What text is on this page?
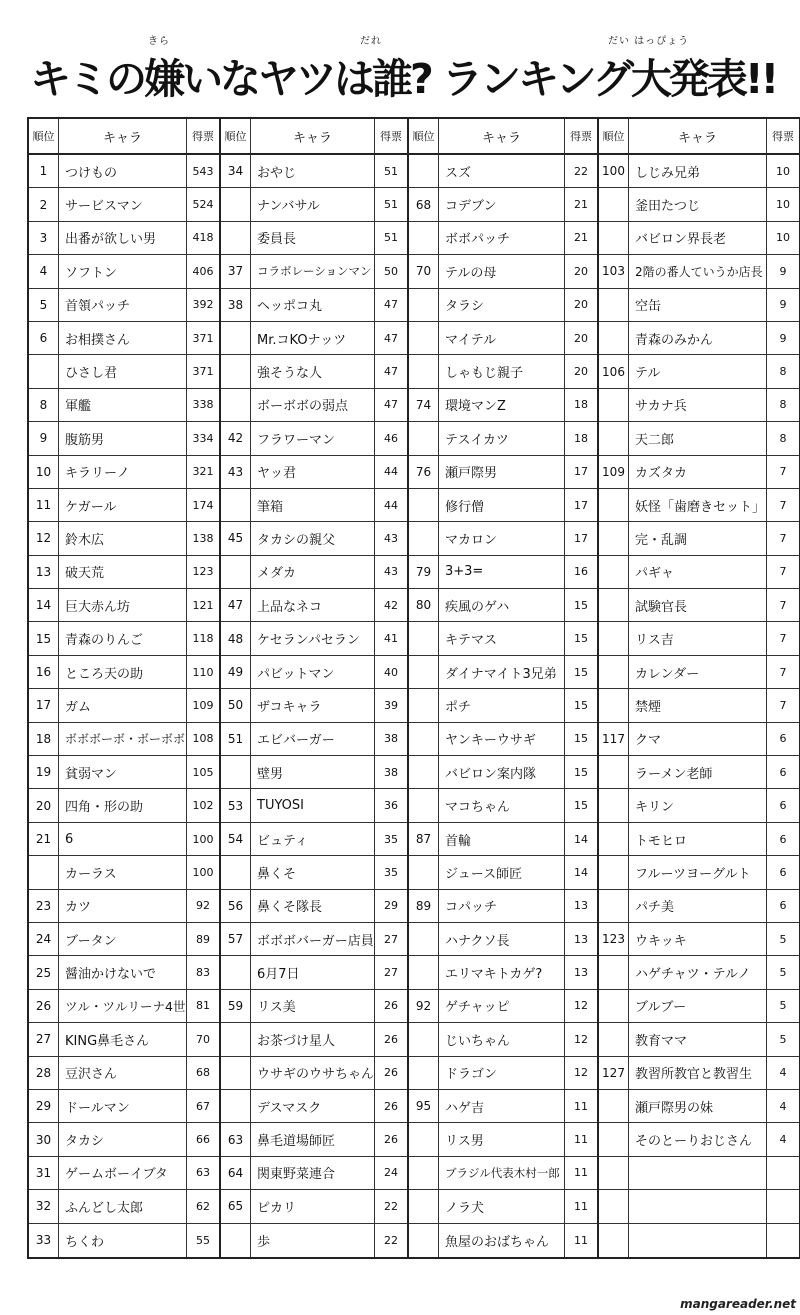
きら	だれ	だい はっぴょう
キミの嫌いなヤツは誰? ランキング大発表!!
順位	キャラ	得票
1	つけもの	543
2	サービスマン	524
3	出番が欲しい男	418
4	ソフトン	406
5	首領パッチ	392
6	お相撲さん	371
ひさし君	371
8	軍艦	338
9	腹筋男	334
10	キラリーノ	321
11	ケガール	174
12	鈴木広	138
13	破天荒	123
14	巨大赤ん坊	121
15	青森のりんご	118
16	ところ天の助	110
17	ガム	109
18	ボボボーボ・ボーボボ 108
19	貧弱マン	105
20	四角・形の助	102
21	6	100
カーラス	100
23	カツ	92
24	ブータン	89
25	醤油かけないで	83
26	ツル・ツルリーナ4世 81
27	KING鼻毛さん	70
28	豆沢さん	68
29	ドールマン	67
30	タカシ	66
31	ゲームボーイブタ	63
32	ふんどし太郎	62
33	ちくわ	55
順位	キャラ	得票
34	おやじ	51
ナンバサル	51
委員長	51
37	コラボレーションマン	50
38	ヘッポコ丸	47
Mr.コKOナッツ	47
強そうな人	47
ボーボボの弱点	47
42	フラワーマン	46
43	ヤッ君	44
筆箱	44
45	タカシの親父	43
メダカ	43
47	上品なネコ	42
48	ケセランパセラン	41
49	パビットマン	40
50	ザコキャラ	39
51	エビバーガー	38
壁男	38
53	TUYOSI	36
54	ビュティ	35
鼻くそ	35
56	鼻くそ隊長	29
57	ボボボバーガー店員 27
6月7日	27
59	リス美	26
お茶づけ星人	26
ウサギのウサちゃん 26
デスマスク	26
63	鼻毛道場師匠	26
64	関東野菜連合	24
65	ピカリ	22
歩	22
順位	キャラ	得票
スズ	22
68	コデブン	21
ボボパッチ	21
70	テルの母	20
タラシ	20
マイテル	20
しゃもじ親子	20
74	環境マンZ	18
テスイカツ	18
76	瀬戸際男	17
修行僧	17
マカロン	17
79	3+3=	16
80	疾風のゲハ	15
キテマス	15
ダイナマイト3兄弟	15
ポチ	15
ヤンキーウサギ	15
バビロン案内隊	15
マコちゃん	15
87	首輪	14
ジュース師匠	14
89	コパッチ	13
ハナクソ長	13
エリマキトカゲ?	13
92	ゲチャッピ	12
じいちゃん	12
ドラゴン	12
95	ハゲ吉	11
リス男	11
ブラジル代表木村一郎	11
ノラ犬	11
魚屋のおばちゃん	11
順位	キャラ	得票
100 しじみ兄弟	10
釜田たつじ	10
バビロン界長老	10
103 2階の番人ていうか店長	9
空缶	9
青森のみかん	9
106 テル	8
サカナ兵	8
天二郎	8
109 カズタカ	7
妖怪「歯磨きセット」	7
完・乱調	7
パギャ	7
試験官長	7
リス吉	7
カレンダー	7
禁煙	7
117 クマ	6
ラーメン老師	6
キリン	6
トモヒロ	6
フルーツヨーグルト	6
パチ美	6
123 ウキッキ	5
ハゲチャツ・テルノ	5
ブルブー	5
教育ママ	5
127 教習所教官と教習生	4
瀬戸際男の妹	4
そのとーりおじさん	4
mangareader.net
